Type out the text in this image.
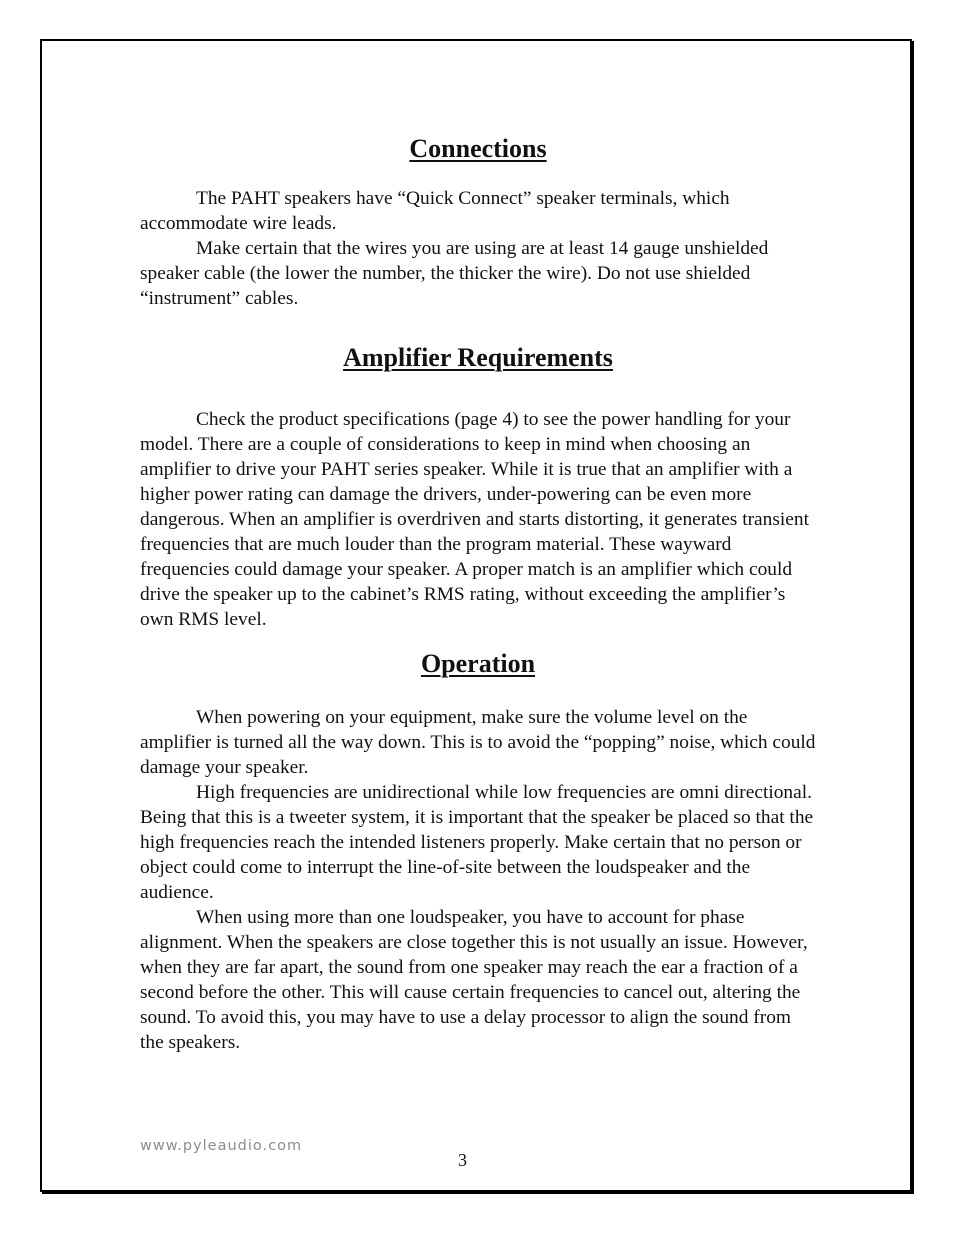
Connections

The PAHT speakers have “Quick Connect” speaker terminals, which accommodate wire leads.

Make certain that the wires you are using are at least 14 gauge unshielded speaker cable (the lower the number, the thicker the wire). Do not use shielded “instrument” cables.

Amplifier Requirements

Check the product specifications (page 4) to see the power handling for your model. There are a couple of considerations to keep in mind when choosing an amplifier to drive your PAHT series speaker. While it is true that an amplifier with a higher power rating can damage the drivers, under-powering can be even more dangerous. When an amplifier is overdriven and starts distorting, it generates transient frequencies that are much louder than the program material. These wayward frequencies could damage your speaker. A proper match is an amplifier which could drive the speaker up to the cabinet’s RMS rating, without exceeding the amplifier’s own RMS level.

Operation

When powering on your equipment, make sure the volume level on the amplifier is turned all the way down. This is to avoid the “popping” noise, which could damage your speaker.

High frequencies are unidirectional while low frequencies are omni directional. Being that this is a tweeter system, it is important that the speaker be placed so that the high frequencies reach the intended listeners properly. Make certain that no person or object could come to interrupt the line-of-site between the loudspeaker and the audience.

When using more than one loudspeaker, you have to account for phase alignment. When the speakers are close together this is not usually an issue. However, when they are far apart, the sound from one speaker may reach the ear a fraction of a second before the other. This will cause certain frequencies to cancel out, altering the sound. To avoid this, you may have to use a delay processor to align the sound from the speakers.

www.pyleaudio.com
3
